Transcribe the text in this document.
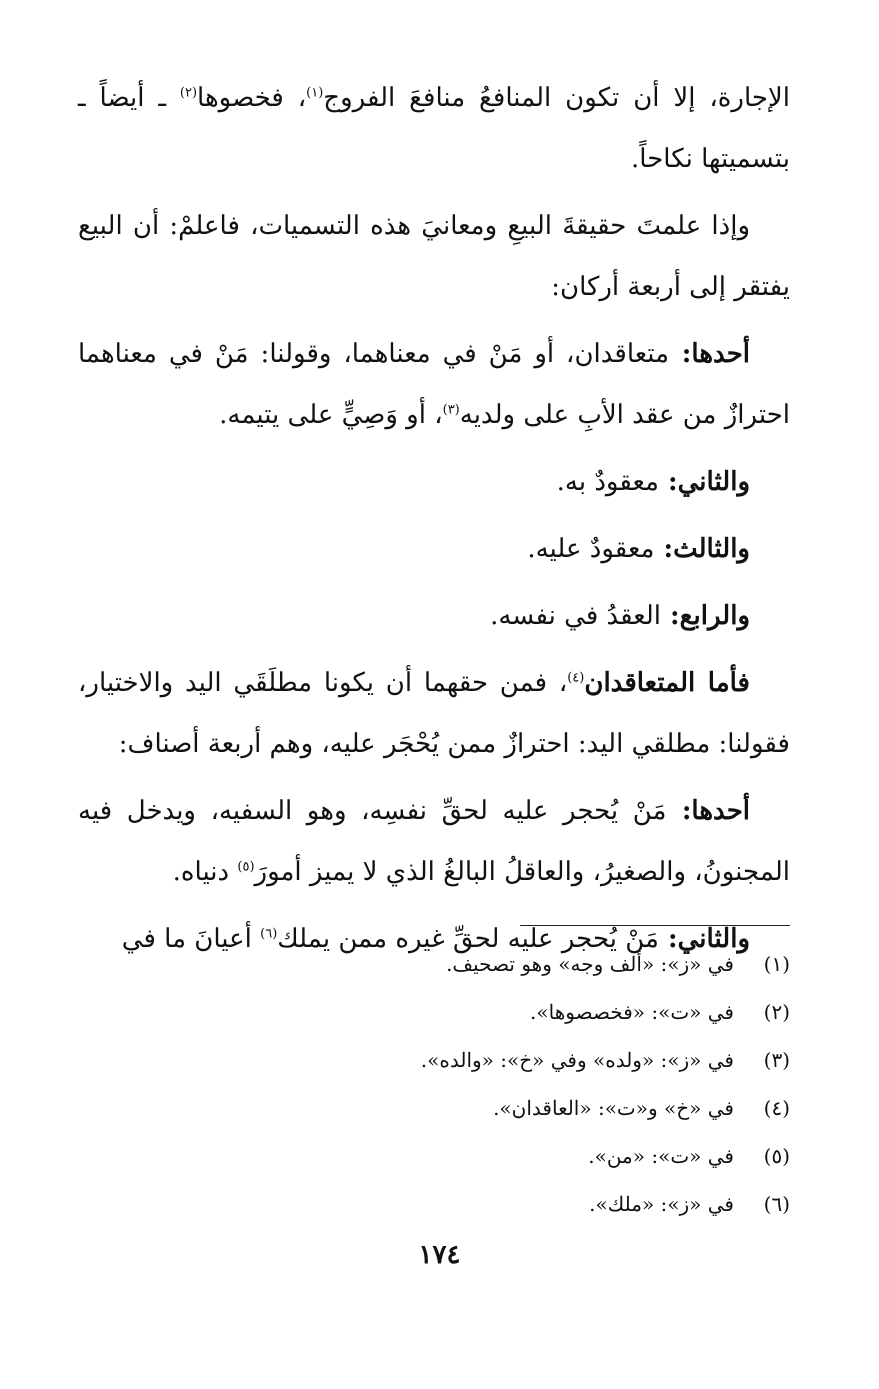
الإجارة، إلا أن تكون المنافعُ منافعَ الفروج$^{(١)}$، فخصوها$^{(٢)}$ ـ أيضاً ـ بتسميتها نكاحاً.

وإذا علمتَ حقيقةَ البيعِ ومعانيَ هذه التسميات، فاعلمْ: أن البيع يفتقر إلى أربعة أركان:

أحدها: متعاقدان، أو مَنْ في معناهما، وقولنا: مَنْ في معناهما احترازٌ من عقد الأبِ على ولديه$^{(٣)}$، أو وَصِيٍّ على يتيمه.

والثاني: معقودٌ به.

والثالث: معقودٌ عليه.

والرابع: العقدُ في نفسه.

فأما المتعاقدان$^{(٤)}$، فمن حقهما أن يكونا مطلَقَي اليد والاختيار، فقولنا: مطلقي اليد: احترازٌ ممن يُحْجَر عليه، وهم أربعة أصناف:

أحدها: مَنْ يُحجر عليه لحقِّ نفسِه، وهو السفيه، ويدخل فيه المجنونُ، والصغيرُ، والعاقلُ البالغُ الذي لا يميز أمورَ$^{(٥)}$ دنياه.

والثاني: مَنْ يُحجر عليه لحقِّ غيره ممن يملك$^{(٦)}$ أعيانَ ما في

(١)
في «ز»: «ألف وجه» وهو تصحيف.
(٢)
في «ت»: «فخصصوها».
(٣)
في «ز»: «ولده» وفي «خ»: «والده».
(٤)
في «خ» و«ت»: «العاقدان».
(٥)
في «ت»: «من».
(٦)
في «ز»: «ملك».
١٧٤
